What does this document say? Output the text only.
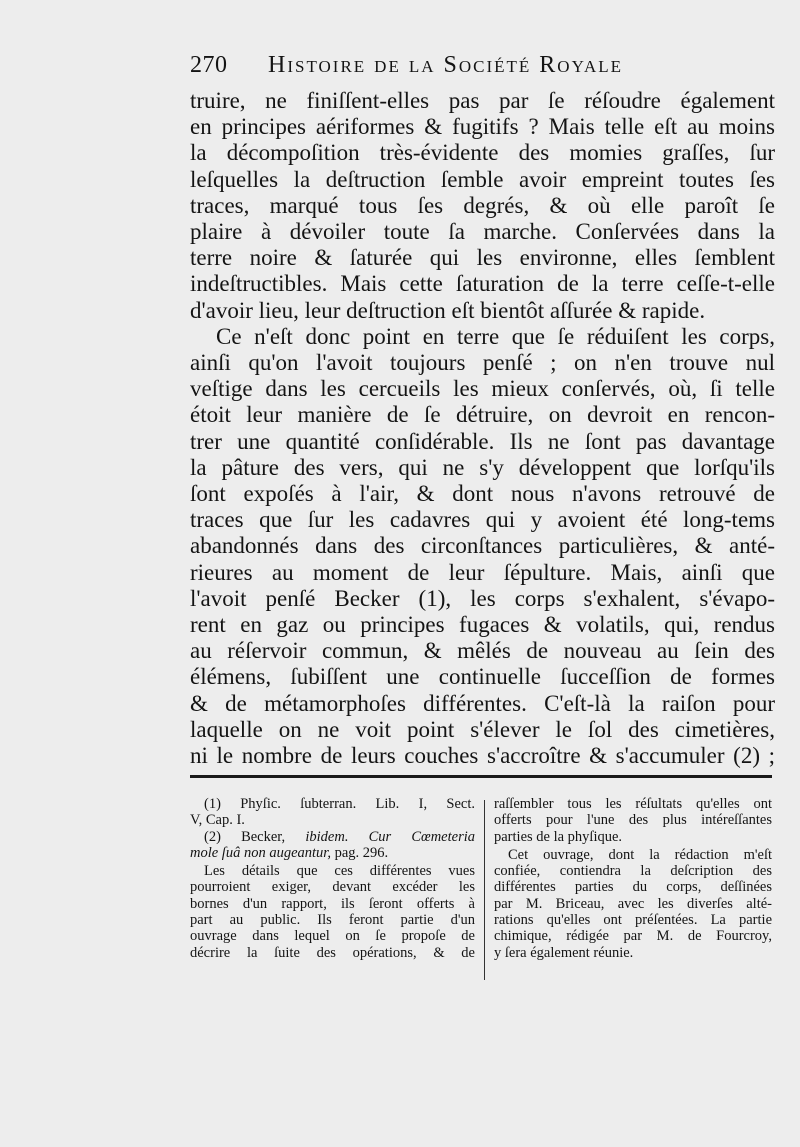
270 Histoire de la Société Royale
truire, ne finiſſent-elles pas par ſe réſoudre également
en principes aériformes & fugitifs ? Mais telle eſt au moins
la décompoſition très-évidente des momies graſſes, ſur
leſquelles la deſtruction ſemble avoir empreint toutes ſes
traces, marqué tous ſes degrés, & où elle paroît ſe
plaire à dévoiler toute ſa marche. Conſervées dans la
terre noire & ſaturée qui les environne, elles ſemblent
indeſtructibles. Mais cette ſaturation de la terre ceſſe-t-elle
d'avoir lieu, leur deſtruction eſt bientôt aſſurée & rapide.
Ce n'eſt donc point en terre que ſe réduiſent les corps,
ainſi qu'on l'avoit toujours penſé ; on n'en trouve nul
veſtige dans les cercueils les mieux conſervés, où, ſi telle
étoit leur manière de ſe détruire, on devroit en rencon-
trer une quantité conſidérable. Ils ne ſont pas davantage
la pâture des vers, qui ne s'y développent que lorſqu'ils
ſont expoſés à l'air, & dont nous n'avons retrouvé de
traces que ſur les cadavres qui y avoient été long-tems
abandonnés dans des circonſtances particulières, & anté-
rieures au moment de leur ſépulture. Mais, ainſi que
l'avoit penſé Becker (1), les corps s'exhalent, s'évapo-
rent en gaz ou principes fugaces & volatils, qui, rendus
au réſervoir commun, & mêlés de nouveau au ſein des
élémens, ſubiſſent une continuelle ſucceſſion de formes
& de métamorphoſes différentes. C'eſt-là la raiſon pour
laquelle on ne voit point s'élever le ſol des cimetières,
ni le nombre de leurs couches s'accroître & s'accumuler (2) ;
(1) Phyſic. ſubterran. Lib. I, Sect.
V, Cap. I.
(2) Becker, ibidem. Cur Cœmeteria
mole ſuâ non augeantur, pag. 296.
Les détails que ces différentes vues
pourroient exiger, devant excéder les
bornes d'un rapport, ils ſeront offerts à
part au public. Ils feront partie d'un
ouvrage dans lequel on ſe propoſe de
décrire la ſuite des opérations, & de
raſſembler tous les réſultats qu'elles ont
offerts pour l'une des plus intéreſſantes
parties de la phyſique.
Cet ouvrage, dont la rédaction m'eſt
confiée, contiendra la deſcription des
différentes parties du corps, deſſinées
par M. Briceau, avec les diverſes alté-
rations qu'elles ont préſentées. La partie
chimique, rédigée par M. de Fourcroy,
y ſera également réunie.
